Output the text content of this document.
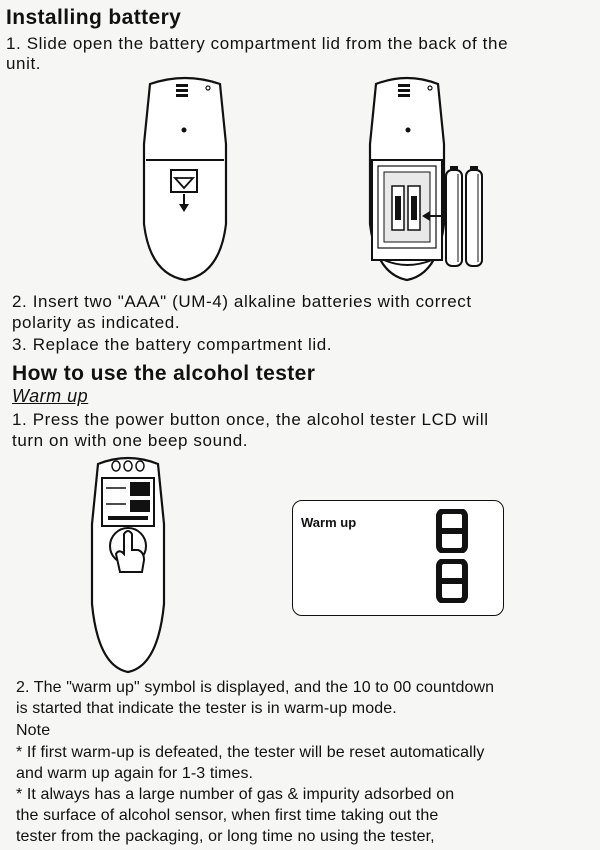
Installing battery
1. Slide open the battery compartment lid from the back of the
unit.
2. Insert two "AAA" (UM-4) alkaline batteries with correct
polarity as indicated.
3. Replace the battery compartment lid.
How to use the alcohol tester
Warm up
1. Press the power button once, the alcohol tester LCD will
turn on with one beep sound.
Warm up
2. The "warm up" symbol is displayed, and the 10 to 00 countdown
is started that indicate the tester is in warm-up mode.
Note
* If first warm-up is defeated, the tester will be reset automatically
and warm up again for 1-3 times.
* It always has a large number of gas & impurity adsorbed on
the surface of alcohol sensor, when first time taking out the
tester from the packaging, or long time no using the tester,
